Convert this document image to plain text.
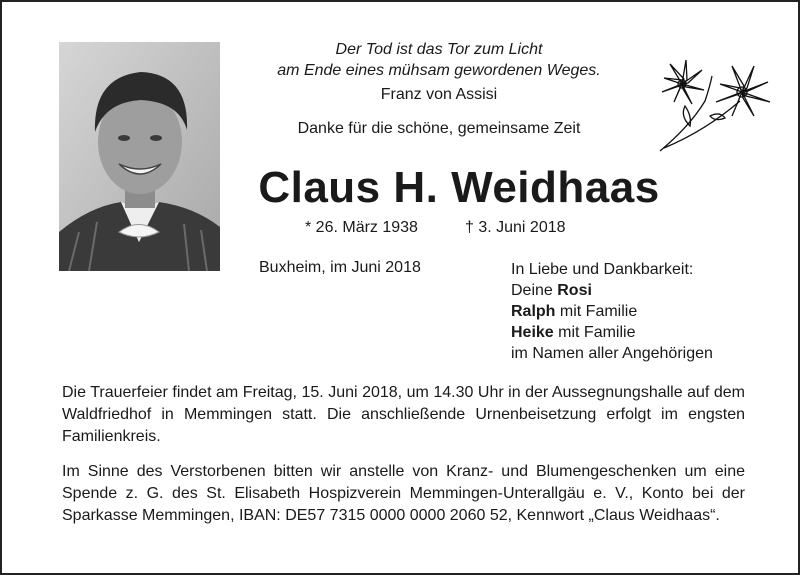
Der Tod ist das Tor zum Licht
am Ende eines mühsam gewordenen Weges.
Franz von Assisi
Danke für die schöne, gemeinsame Zeit
Claus H. Weidhaas
* 26. März 1938	† 3. Juni 2018
Buxheim, im Juni 2018	In Liebe und Dankbarkeit:
Deine Rosi
Ralph mit Familie
Heike mit Familie
im Namen aller Angehörigen
Die Trauerfeier findet am Freitag, 15. Juni 2018, um 14.30 Uhr in der Aussegnungshalle auf dem Waldfriedhof in Memmingen statt. Die anschließende Urnenbeisetzung erfolgt im engsten Familienkreis.
Im Sinne des Verstorbenen bitten wir anstelle von Kranz- und Blumengeschenken um eine Spende z. G. des St. Elisabeth Hospizverein Memmingen-Unterallgäu e. V., Konto bei der Sparkasse Memmingen, IBAN: DE57 7315 0000 0000 2060 52, Kennwort „Claus Weidhaas“.
